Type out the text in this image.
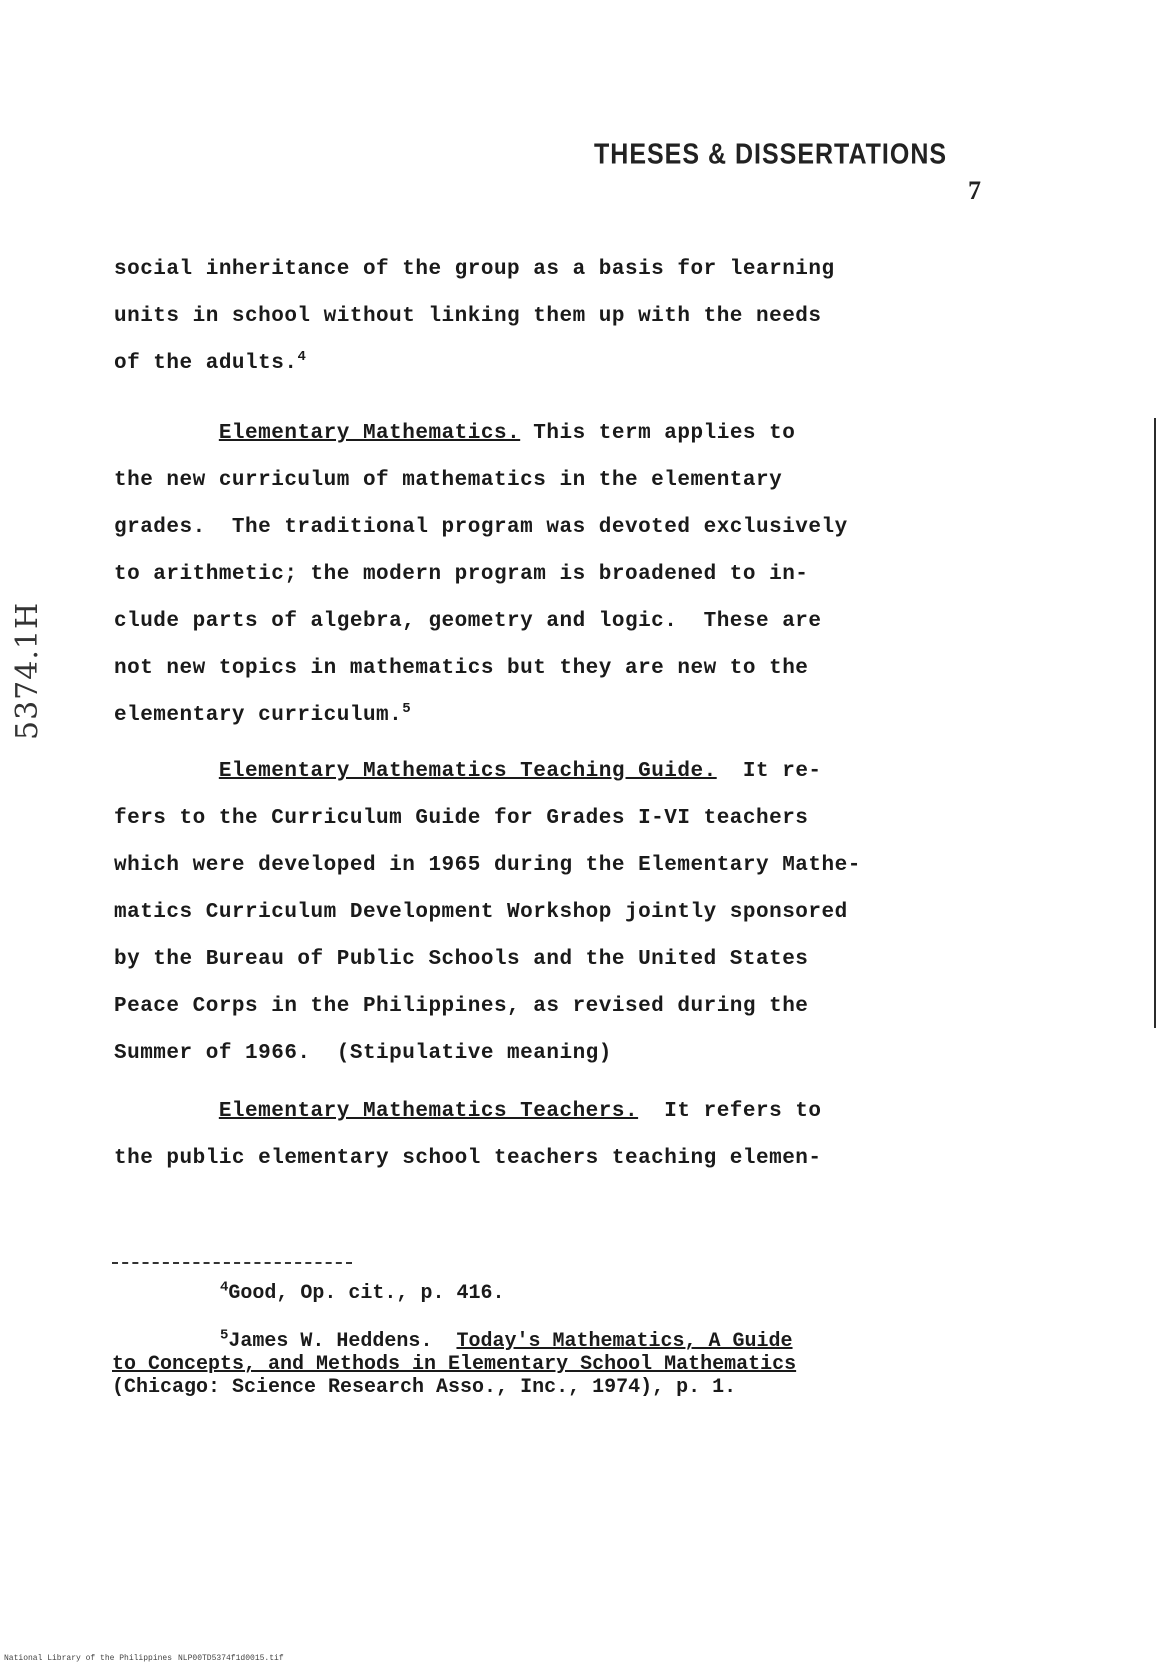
THESES & DISSERTATIONS
7
5374.1H
social inheritance of the group as a basis for learning
units in school without linking them up with the needs
of the adults.$^4$
Elementary Mathematics. This term applies to
the new curriculum of mathematics in the elementary
grades.  The traditional program was devoted exclusively
to arithmetic; the modern program is broadened to in-
clude parts of algebra, geometry and logic.  These are
not new topics in mathematics but they are new to the
elementary curriculum.$^5$
Elementary Mathematics Teaching Guide.  It re-
fers to the Curriculum Guide for Grades I-VI teachers
which were developed in 1965 during the Elementary Mathe-
matics Curriculum Development Workshop jointly sponsored
by the Bureau of Public Schools and the United States
Peace Corps in the Philippines, as revised during the
Summer of 1966.  (Stipulative meaning)
Elementary Mathematics Teachers.  It refers to
the public elementary school teachers teaching elemen-
$^4$Good, Op. cit., p. 416.
$^5$James W. Heddens. Today's Mathematics, A Guide
to Concepts, and Methods in Elementary School Mathematics
(Chicago: Science Research Asso., Inc., 1974), p. 1.
National Library of the Philippines NLP00TD5374f1d0015.tif
